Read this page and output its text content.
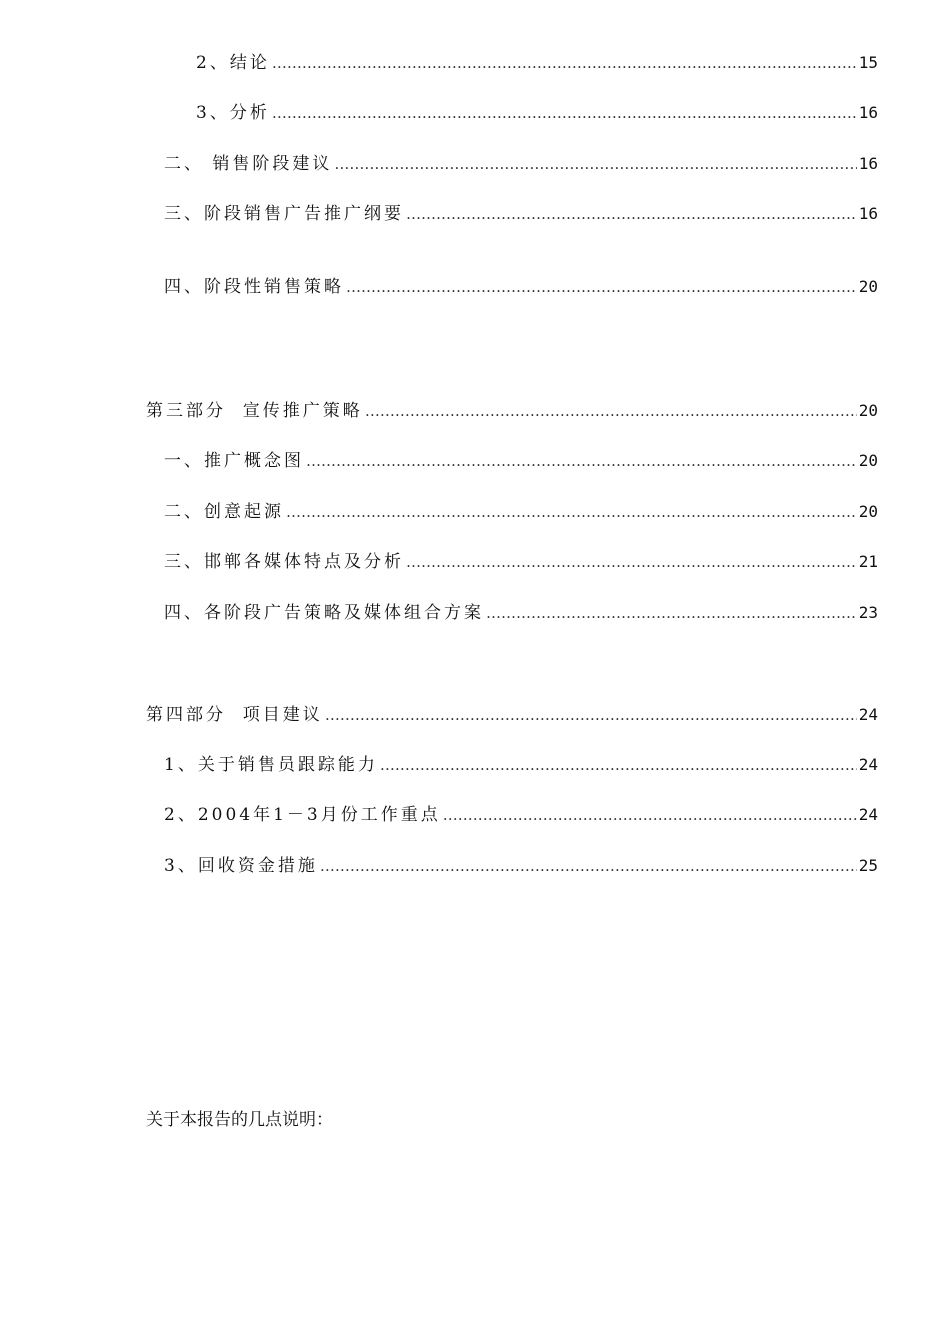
2、结论 ……………………………………………………………………………………………………………………………………………………………………………………………………………………	15
3、分析 ……………………………………………………………………………………………………………………………………………………………………………………………………………………	16
二、 销售阶段建议 ……………………………………………………………………………………………………………………………………………………………………………………………………………………	16
三、阶段销售广告推广纲要 ……………………………………………………………………………………………………………………………………………………………………………………………………………………	16
四、阶段性销售策略 ……………………………………………………………………………………………………………………………………………………………………………………………………………………	20
第三部分  宣传推广策略 ……………………………………………………………………………………………………………………………………………………………………………………………………………………	20
一、推广概念图 ……………………………………………………………………………………………………………………………………………………………………………………………………………………	20
二、创意起源 ……………………………………………………………………………………………………………………………………………………………………………………………………………………	20
三、邯郸各媒体特点及分析 ……………………………………………………………………………………………………………………………………………………………………………………………………………………	21
四、各阶段广告策略及媒体组合方案 ……………………………………………………………………………………………………………………………………………………………………………………………………………………	23
第四部分  项目建议 ……………………………………………………………………………………………………………………………………………………………………………………………………………………	24
1、关于销售员跟踪能力 ……………………………………………………………………………………………………………………………………………………………………………………………………………………	24
2、2004年1－3月份工作重点 ……………………………………………………………………………………………………………………………………………………………………………………………………………………	24
3、回收资金措施 ……………………………………………………………………………………………………………………………………………………………………………………………………………………	25
关于本报告的几点说明：
